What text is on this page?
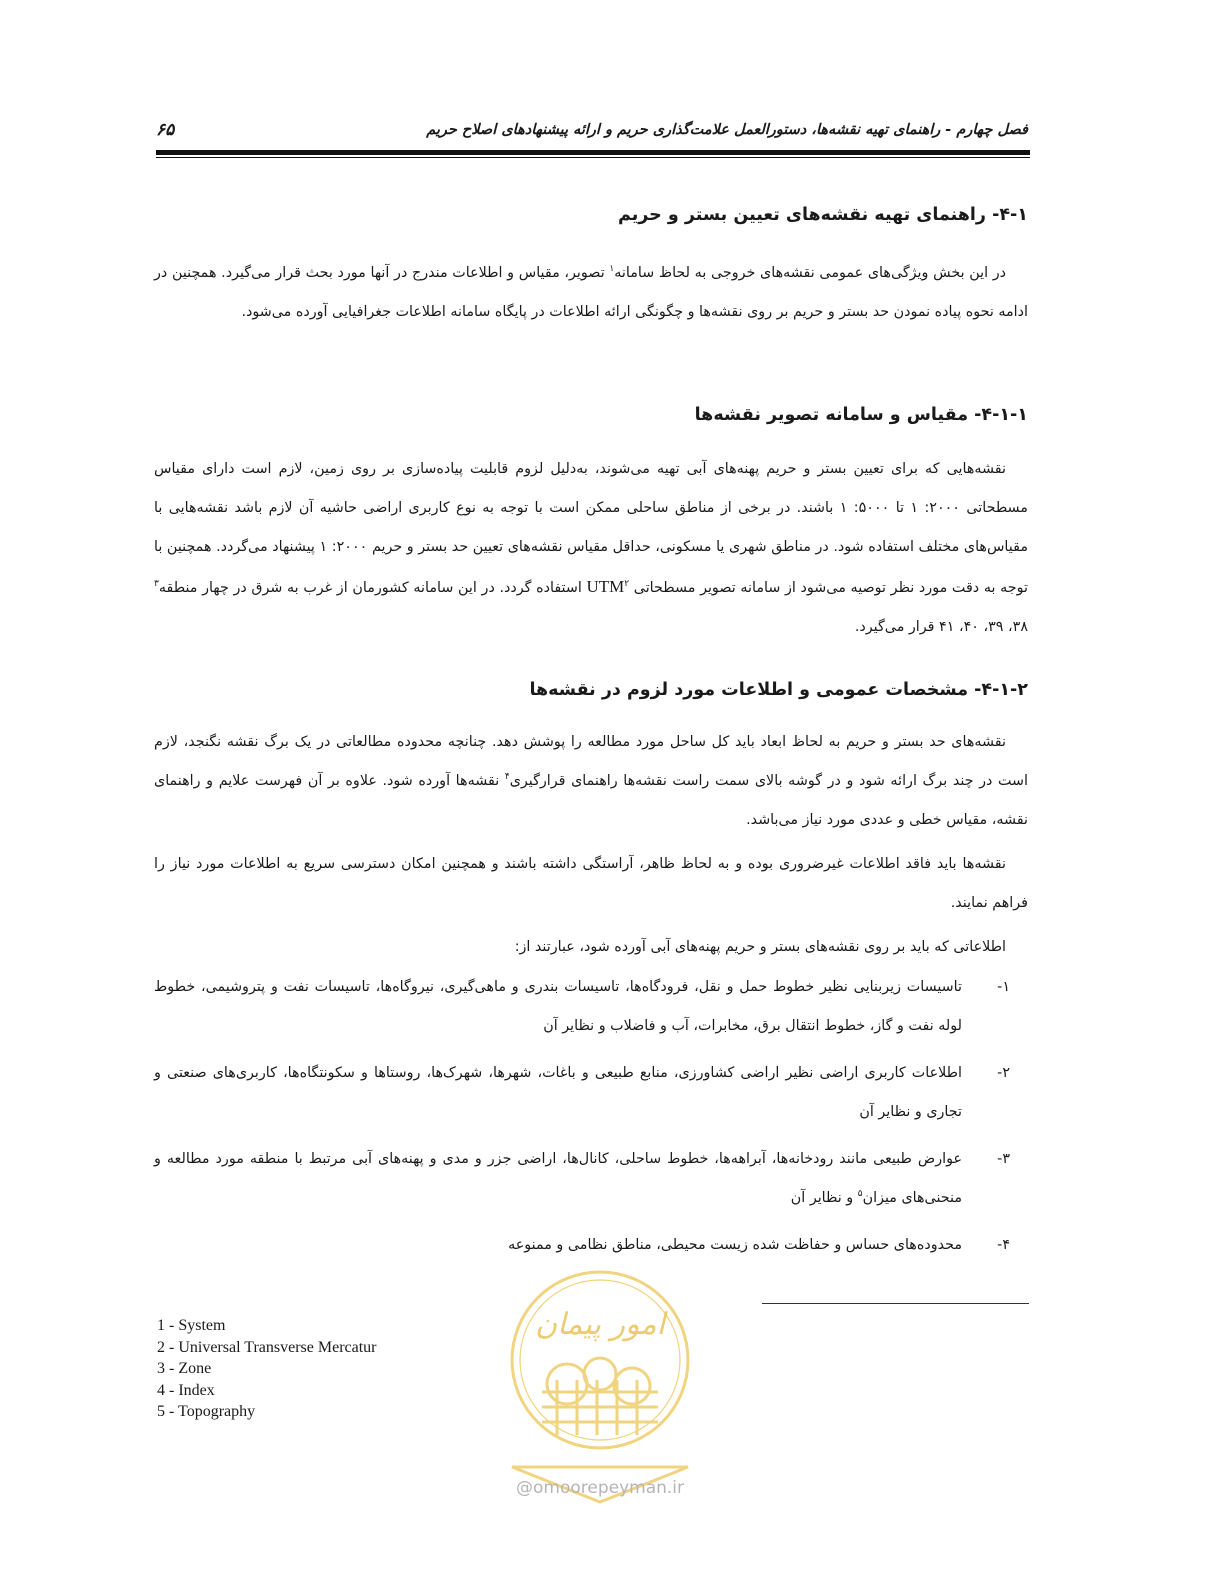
فصل چهارم - راهنمای تهیه نقشه‌ها، دستورالعمل علامت‌گذاری حریم و ارائه پیشنهادهای اصلاح حریم
۶۵
۴-۱- راهنمای تهیه نقشه‌های تعیین بستر و حریم

در این بخش ویژگی‌های عمومی نقشه‌های خروجی به لحاظ سامانه$^۱$ تصویر، مقیاس و اطلاعات مندرج در آنها مورد بحث قرار می‌گیرد. همچنین در ادامه نحوه پیاده نمودن حد بستر و حریم بر روی نقشه‌ها و چگونگی ارائه اطلاعات در پایگاه سامانه اطلاعات جغرافیایی آورده می‌شود.

۴-۱-۱- مقیاس و سامانه تصویر نقشه‌ها

نقشه‌هایی که برای تعیین بستر و حریم پهنه‌های آبی تهیه می‌شوند، به‌دلیل لزوم قابلیت پیاده‌سازی بر روی زمین، لازم است دارای مقیاس مسطحاتی ۲۰۰۰: ۱ تا ۵۰۰۰: ۱ باشند. در برخی از مناطق ساحلی ممکن است با توجه به نوع کاربری اراضی حاشیه آن لازم باشد نقشه‌هایی با مقیاس‌های مختلف استفاده شود. در مناطق شهری یا مسکونی، حداقل مقیاس نقشه‌های تعیین حد بستر و حریم ۲۰۰۰: ۱ پیشنهاد می‌گردد. همچنین با توجه به دقت مورد نظر توصیه می‌شود از سامانه تصویر مسطحاتی UTM$^۲$ استفاده گردد. در این سامانه کشورمان از غرب به شرق در چهار منطقه$^۳$ ۳۸، ۳۹، ۴۰، ۴۱ قرار می‌گیرد.

۴-۱-۲- مشخصات عمومی و اطلاعات مورد لزوم در نقشه‌ها

نقشه‌های حد بستر و حریم به لحاظ ابعاد باید کل ساحل مورد مطالعه را پوشش دهد. چنانچه محدوده مطالعاتی در یک برگ نقشه نگنجد، لازم است در چند برگ ارائه شود و در گوشه بالای سمت راست نقشه‌ها راهنمای قرارگیری$^۴$ نقشه‌ها آورده شود. علاوه بر آن فهرست علایم و راهنمای نقشه، مقیاس خطی و عددی مورد نیاز می‌باشد.

نقشه‌ها باید فاقد اطلاعات غیرضروری بوده و به لحاظ ظاهر، آراستگی داشته باشند و همچنین امکان دسترسی سریع به اطلاعات مورد نیاز را فراهم نمایند.

اطلاعاتی که باید بر روی نقشه‌های بستر و حریم پهنه‌های آبی آورده شود، عبارتند از:

۱-
تاسیسات زیربنایی نظیر خطوط حمل و نقل، فرودگاه‌ها، تاسیسات بندری و ماهی‌گیری، نیروگاه‌ها، تاسیسات نفت و پتروشیمی، خطوط لوله نفت و گاز، خطوط انتقال برق، مخابرات، آب و فاضلاب و نظایر آن
۲-
اطلاعات کاربری اراضی نظیر اراضی کشاورزی، منابع طبیعی و باغات، شهرها، شهرک‌ها، روستاها و سکونتگاه‌ها، کاربری‌های صنعتی و تجاری و نظایر آن
۳-
عوارض طبیعی مانند رودخانه‌ها، آبراهه‌ها، خطوط ساحلی، کانال‌ها، اراضی جزر و مدی و پهنه‌های آبی مرتبط با منطقه مورد مطالعه و منحنی‌های میزان$^۵$ و نظایر آن
۴-
محدوده‌های حساس و حفاظت شده زیست محیطی، مناطق نظامی و ممنوعه
1 - System
2 - Universal Transverse Mercatur
3 - Zone
4 - Index
5 - Topography
امور پیمان
@omoorepeyman.ir
